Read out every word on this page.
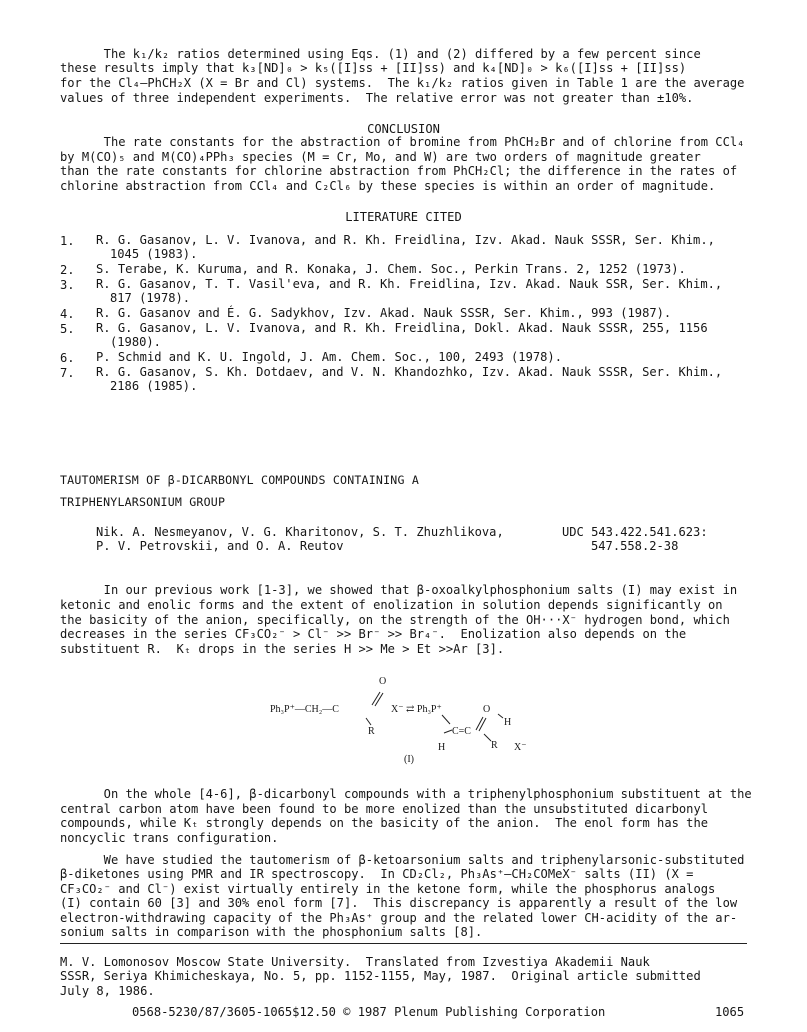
The k₁/k₂ ratios determined using Eqs. (1) and (2) differed by a few percent since
these results imply that k₃[ND]₀ > k₅([I]ss + [II]ss) and k₄[ND]₀ > k₆([I]ss + [II]ss)
for the Cl₄–PhCH₂X (X = Br and Cl) systems.  The k₁/k₂ ratios given in Table 1 are the average
values of three independent experiments.  The relative error was not greater than ±10%.
CONCLUSION
The rate constants for the abstraction of bromine from PhCH₂Br and of chlorine from CCl₄
by M(CO)₅ and M(CO)₄PPh₃ species (M = Cr, Mo, and W) are two orders of magnitude greater
than the rate constants for chlorine abstraction from PhCH₂Cl; the difference in the rates of
chlorine abstraction from CCl₄ and C₂Cl₆ by these species is within an order of magnitude.
LITERATURE CITED
1. R. G. Gasanov, L. V. Ivanova, and R. Kh. Freidlina, Izv. Akad. Nauk SSSR, Ser. Khim.,
1045 (1983).
2. S. Terabe, K. Kuruma, and R. Konaka, J. Chem. Soc., Perkin Trans. 2, 1252 (1973).
3. R. G. Gasanov, T. T. Vasil'eva, and R. Kh. Freidlina, Izv. Akad. Nauk SSR, Ser. Khim.,
817 (1978).
4. R. G. Gasanov and É. G. Sadykhov, Izv. Akad. Nauk SSSR, Ser. Khim., 993 (1987).
5. R. G. Gasanov, L. V. Ivanova, and R. Kh. Freidlina, Dokl. Akad. Nauk SSSR, 255, 1156
(1980).
6. P. Schmid and K. U. Ingold, J. Am. Chem. Soc., 100, 2493 (1978).
7. R. G. Gasanov, S. Kh. Dotdaev, and V. N. Khandozhko, Izv. Akad. Nauk SSSR, Ser. Khim.,
2186 (1985).
TAUTOMERISM OF β-DICARBONYL COMPOUNDS CONTAINING A
TRIPHENYLARSONIUM GROUP
Nik. A. Nesmeyanov, V. G. Kharitonov, S. T. Zhuzhlikova,
P. V. Petrovskii, and O. A. Reutov
UDC 543.422.541.623:
547.558.2-38
In our previous work [1-3], we showed that β-oxoalkylphosphonium salts (I) may exist in
ketonic and enolic forms and the extent of enolization in solution depends significantly on
the basicity of the anion, specifically, on the strength of the OH···X⁻ hydrogen bond, which
decreases in the series CF₃CO₂⁻ > Cl⁻ >> Br⁻ >> Br₄⁻.  Enolization also depends on the
substituent R.  Kₜ drops in the series H >> Me > Et >>Ar [3].
O
Ph₃P⁺—CH₂—C
R
X⁻ ⇄ Ph₃P⁺	O
H
H
C=C
R X⁻
(I)
On the whole [4-6], β-dicarbonyl compounds with a triphenylphosphonium substituent at the
central carbon atom have been found to be more enolized than the unsubstituted dicarbonyl
compounds, while Kₜ strongly depends on the basicity of the anion.  The enol form has the
noncyclic trans configuration.
We have studied the tautomerism of β-ketoarsonium salts and triphenylarsonic-substituted
β-diketones using PMR and IR spectroscopy.  In CD₂Cl₂, Ph₃As⁺—CH₂COMeX⁻ salts (II) (X =
CF₃CO₂⁻ and Cl⁻) exist virtually entirely in the ketone form, while the phosphorus analogs
(I) contain 60 [3] and 30% enol form [7].  This discrepancy is apparently a result of the low
electron-withdrawing capacity of the Ph₃As⁺ group and the related lower CH-acidity of the ar-
sonium salts in comparison with the phosphonium salts [8].
M. V. Lomonosov Moscow State University.  Translated from Izvestiya Akademii Nauk
SSSR, Seriya Khimicheskaya, No. 5, pp. 1152-1155, May, 1987.  Original article submitted
July 8, 1986.
0568-5230/87/3605-1065$12.50 © 1987 Plenum Publishing Corporation	1065
